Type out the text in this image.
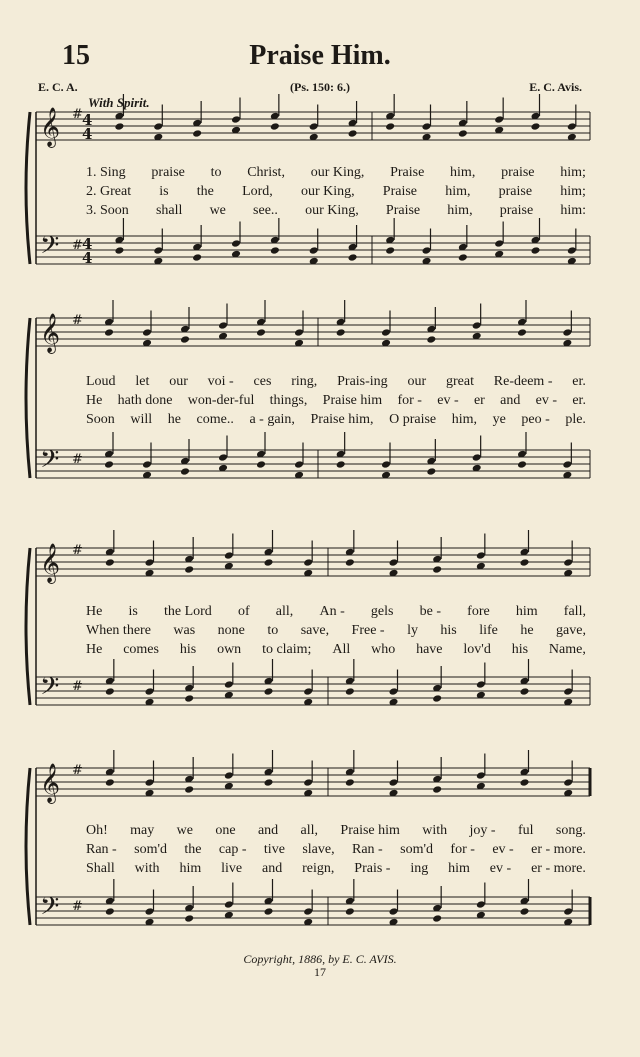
15	Praise Him.
E. C. A.	(Ps. 150: 6.)	E. C. Avis.
With Spirit.
𝄞
𝄢
#
#
4
4
4
4
𝄞
𝄢
#
#
𝄞
𝄢
#
#
𝄞
𝄢
#
#
1. Sing praise to Christ, our King, Praise him, praise him;
2. Great is the Lord, our King, Praise him, praise him;
3. Soon shall we see.. our King, Praise him, praise him:
Loud let our voi - ces ring, Prais-ing our great Re-deem - er.
He hath done won-der-ful things, Praise him for - ev - er and ev - er.
Soon will he come.. a - gain, Praise him, O praise him, ye peo - ple.
He is the Lord of all, An - gels be - fore him fall,
When there was none to save, Free - ly his life he gave,
He comes his own to claim; All who have lov'd his Name,
Oh! may we one and all, Praise him with joy - ful song.
Ran - som'd the cap - tive slave, Ran - som'd for - ev - er - more.
Shall with him live and reign, Prais - ing him ev - er - more.
Copyright, 1886, by E. C. AVIS.
17
